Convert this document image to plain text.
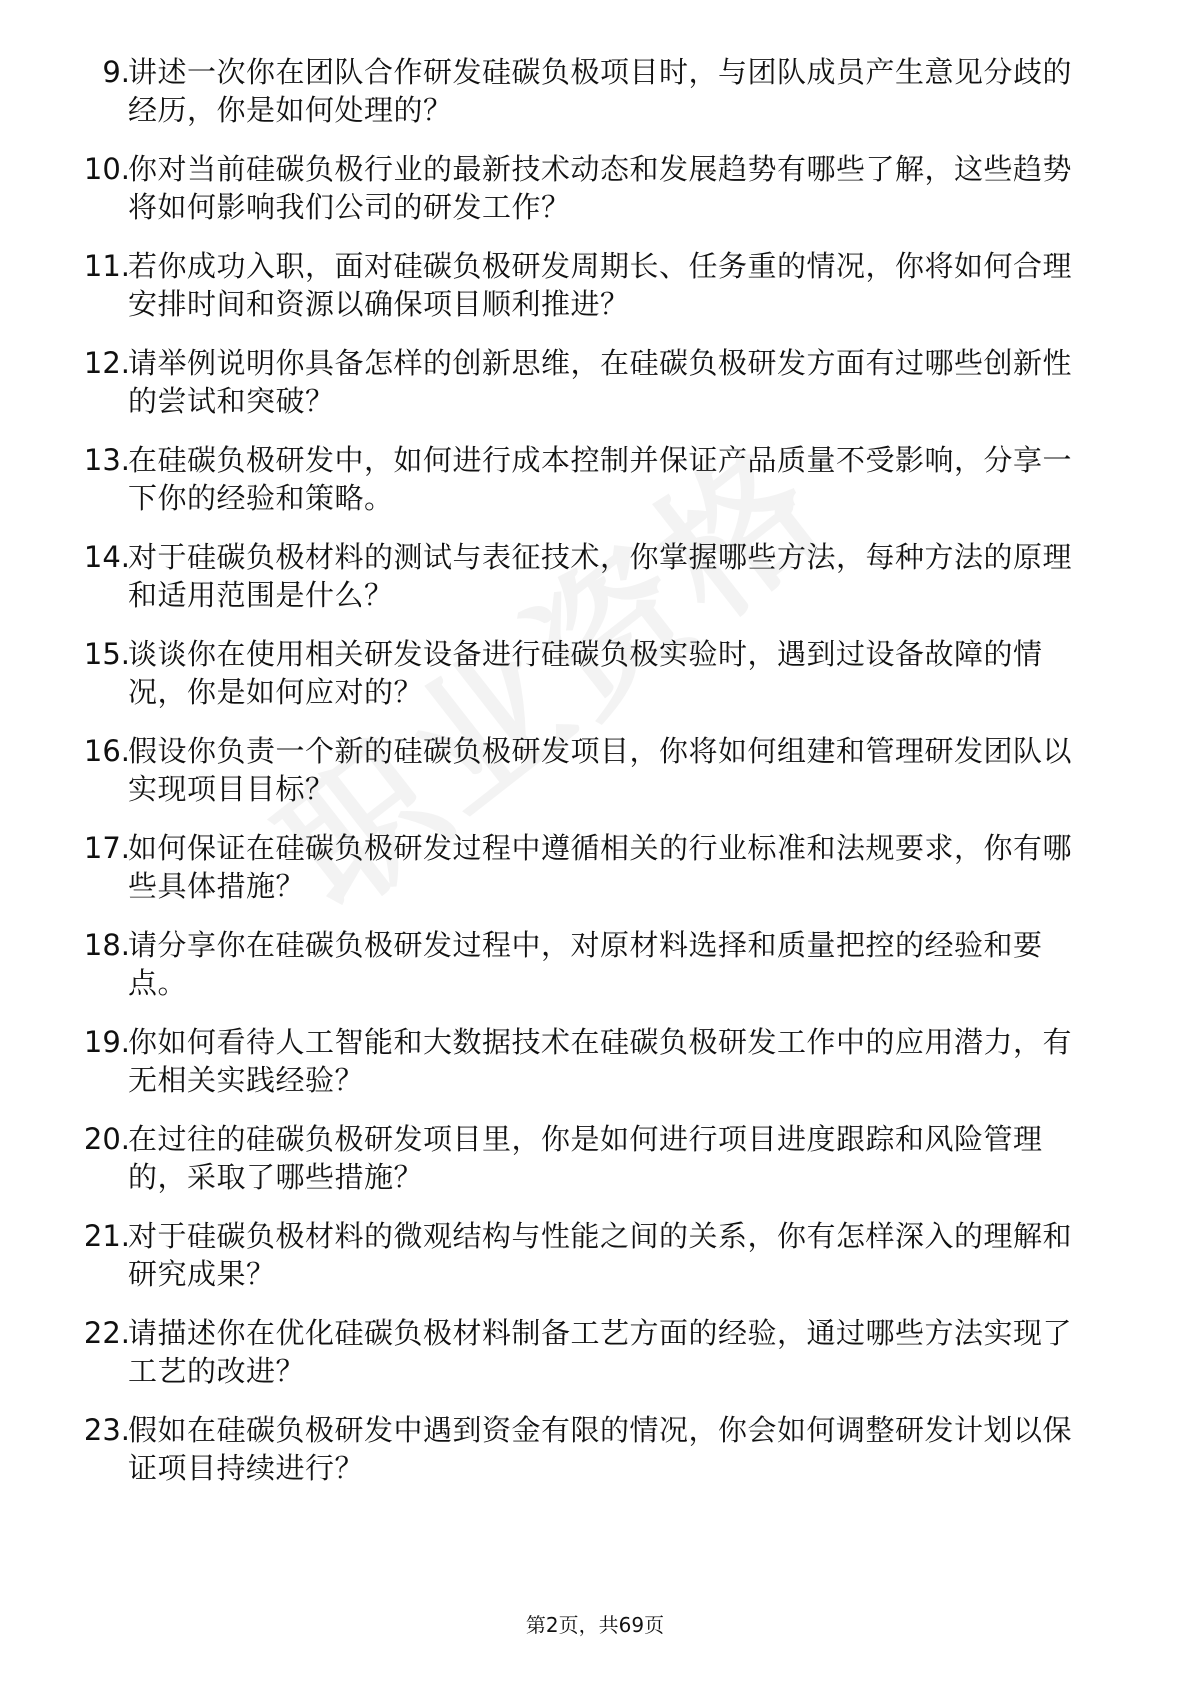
9.
讲述一次你在团队合作研发硅碳负极项目时，与团队成员产生意见分歧的经历，你是如何处理的？
10.
你对当前硅碳负极行业的最新技术动态和发展趋势有哪些了解，这些趋势将如何影响我们公司的研发工作？
11.
若你成功入职，面对硅碳负极研发周期长、任务重的情况，你将如何合理安排时间和资源以确保项目顺利推进？
12.
请举例说明你具备怎样的创新思维，在硅碳负极研发方面有过哪些创新性的尝试和突破？
13.
在硅碳负极研发中，如何进行成本控制并保证产品质量不受影响，分享一下你的经验和策略。
14.
对于硅碳负极材料的测试与表征技术，你掌握哪些方法，每种方法的原理和适用范围是什么？
15.
谈谈你在使用相关研发设备进行硅碳负极实验时，遇到过设备故障的情况，你是如何应对的？
16.
假设你负责一个新的硅碳负极研发项目，你将如何组建和管理研发团队以实现项目目标？
17.
如何保证在硅碳负极研发过程中遵循相关的行业标准和法规要求，你有哪些具体措施？
18.
请分享你在硅碳负极研发过程中，对原材料选择和质量把控的经验和要点。
19.
你如何看待人工智能和大数据技术在硅碳负极研发工作中的应用潜力，有无相关实践经验？
20.
在过往的硅碳负极研发项目里，你是如何进行项目进度跟踪和风险管理的，采取了哪些措施？
21.
对于硅碳负极材料的微观结构与性能之间的关系，你有怎样深入的理解和研究成果？
22.
请描述你在优化硅碳负极材料制备工艺方面的经验，通过哪些方法实现了工艺的改进？
23.
假如在硅碳负极研发中遇到资金有限的情况，你会如何调整研发计划以保证项目持续进行？
第2页，共69页
